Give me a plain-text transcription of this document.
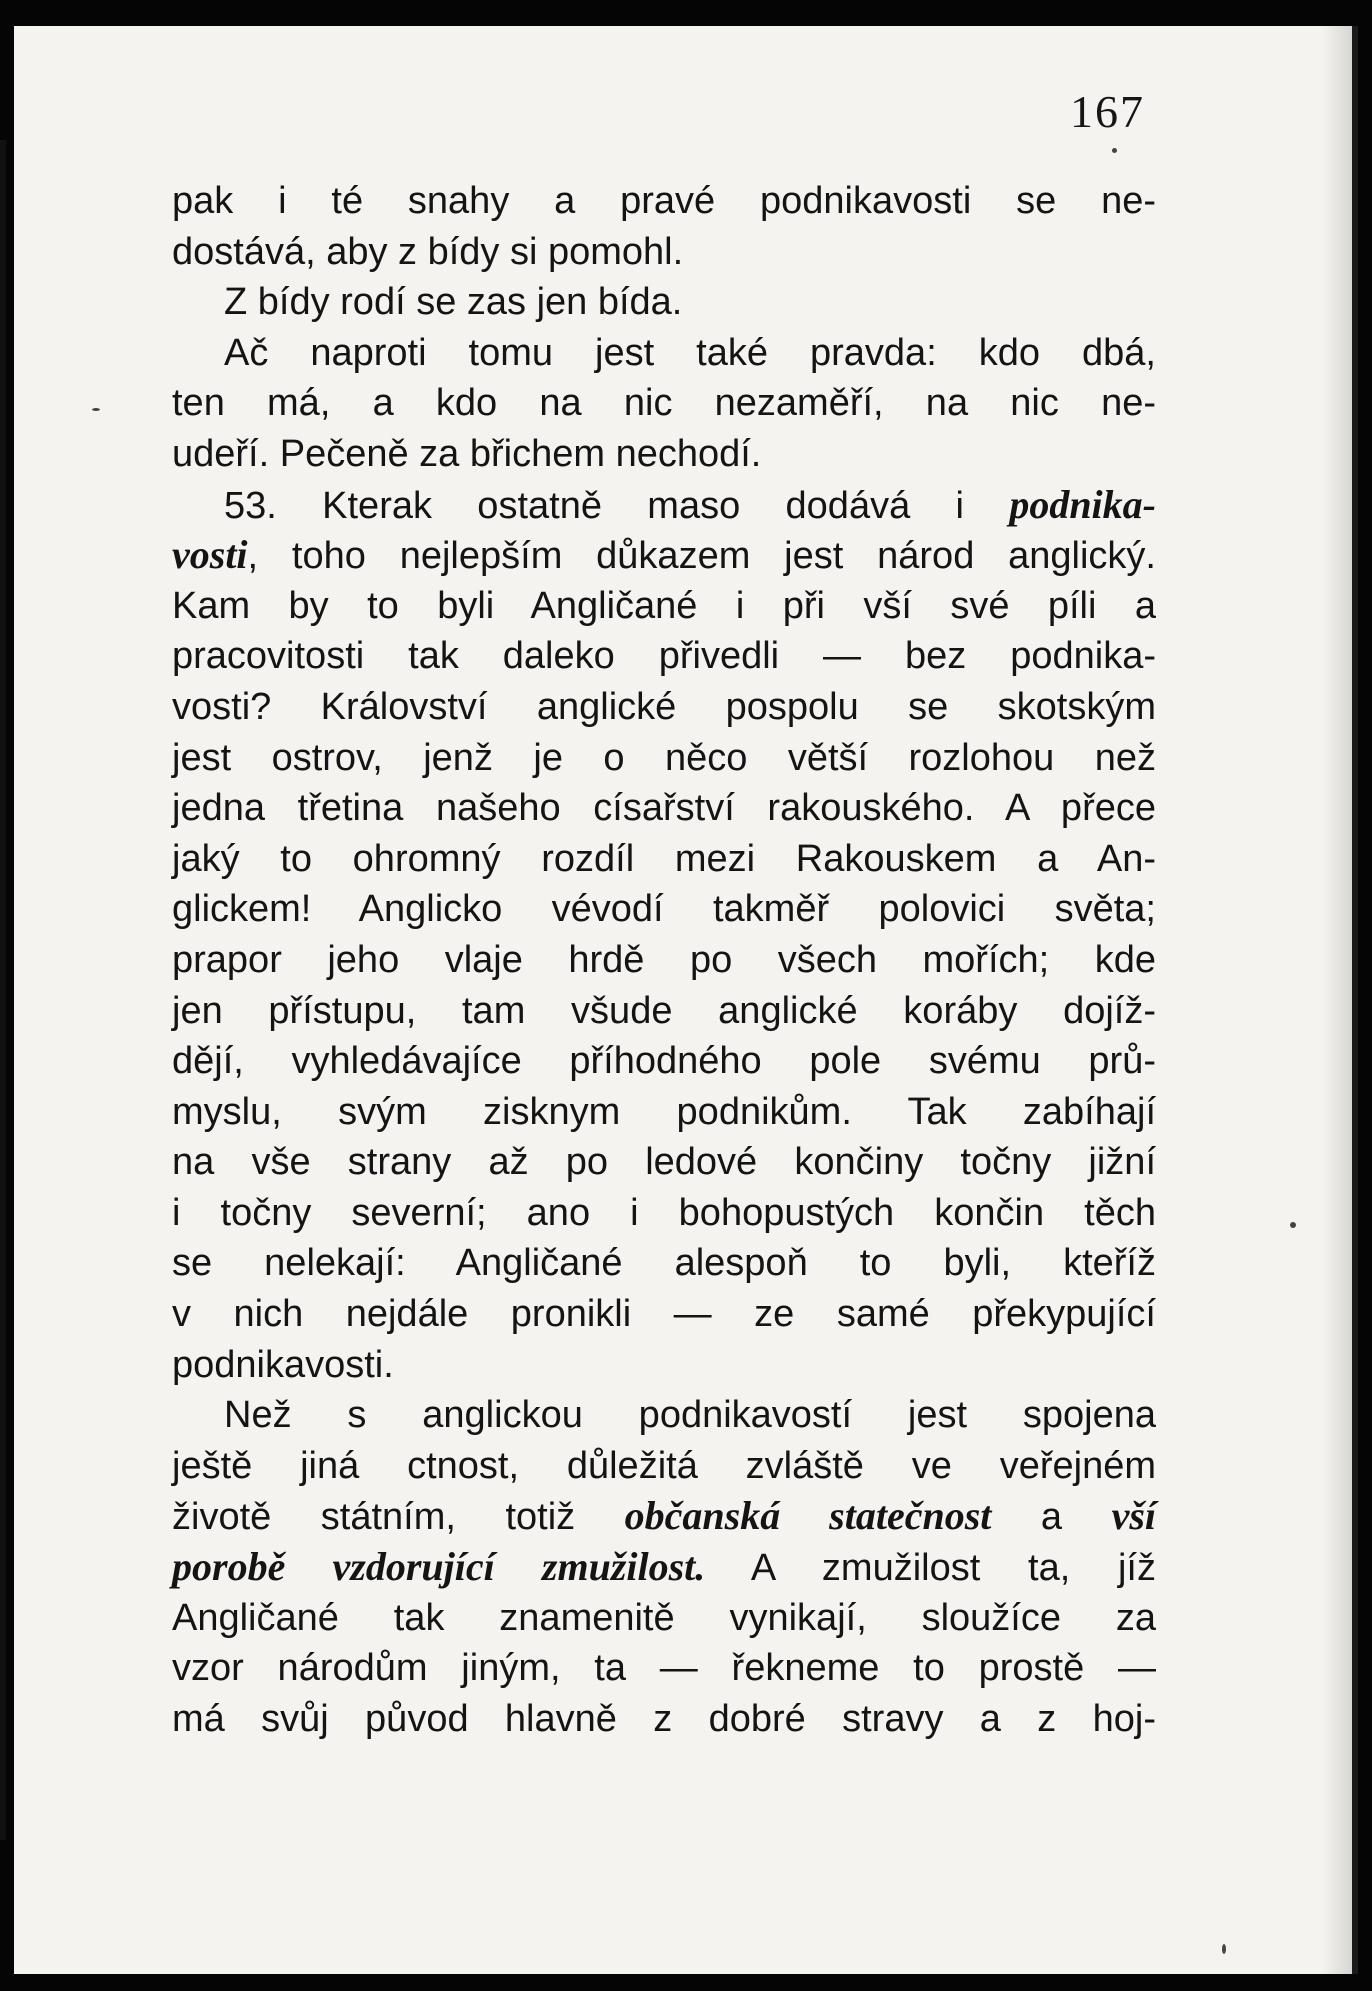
167
pak i té snahy a pravé podnikavosti se ne-
dostává, aby z bídy si pomohl.
Z bídy rodí se zas jen bída.
Ač naproti tomu jest také pravda: kdo dbá,
ten má, a kdo na nic nezaměří, na nic ne-
udeří. Pečeně za břichem nechodí.
53. Kterak ostatně maso dodává i podnika-
vosti, toho nejlepším důkazem jest národ anglický.
Kam by to byli Angličané i při vší své píli a
pracovitosti tak daleko přivedli — bez podnika-
vosti? Království anglické pospolu se skotským
jest ostrov, jenž je o něco větší rozlohou než
jedna třetina našeho císařství rakouského. A přece
jaký to ohromný rozdíl mezi Rakouskem a An-
glickem! Anglicko vévodí takměř polovici světa;
prapor jeho vlaje hrdě po všech mořích; kde
jen přístupu, tam všude anglické koráby dojíž-
dějí, vyhledávajíce příhodného pole svému prů-
myslu, svým zisknym podnikům. Tak zabíhají
na vše strany až po ledové končiny točny jižní
i točny severní; ano i bohopustých končin těch
se nelekají: Angličané alespoň to byli, kteříž
v nich nejdále pronikli — ze samé překypující
podnikavosti.
Než s anglickou podnikavostí jest spojena
ještě jiná ctnost, důležitá zvláště ve veřejném
životě státním, totiž občanská statečnost a vší
porobě vzdorující zmužilost. A zmužilost ta, jíž
Angličané tak znamenitě vynikají, sloužíce za
vzor národům jiným, ta — řekneme to prostě —
má svůj původ hlavně z dobré stravy a z hoj-
